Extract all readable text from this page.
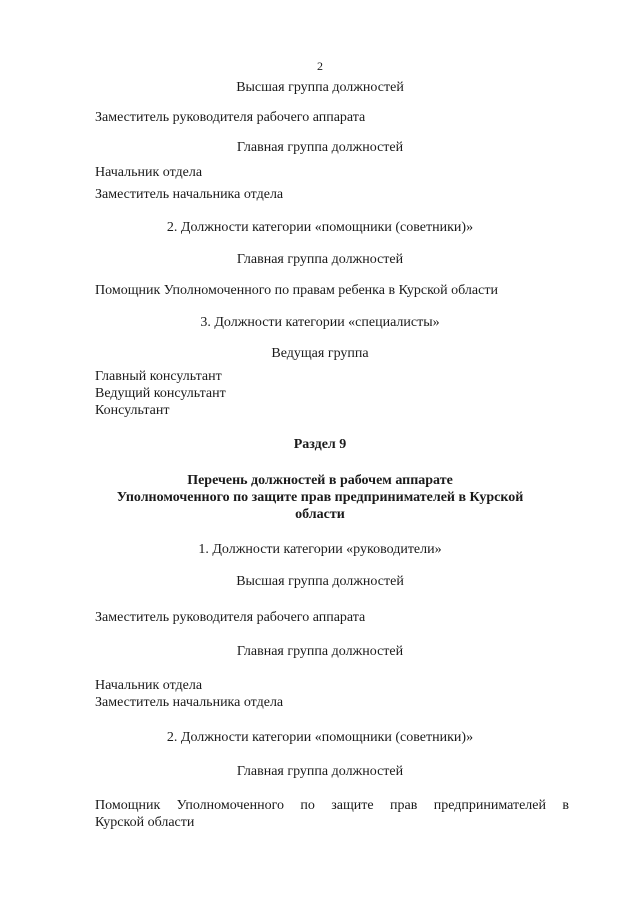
2
Высшая группа должностей
Заместитель руководителя рабочего аппарата
Главная группа должностей
Начальник отдела
Заместитель начальника отдела
2. Должности категории «помощники (советники)»
Главная группа должностей
Помощник Уполномоченного по правам ребенка в Курской области
3. Должности категории «специалисты»
Ведущая группа
Главный консультант
Ведущий консультант
Консультант
Раздел 9
Перечень должностей в рабочем аппарате
Уполномоченного по защите прав предпринимателей в Курской
области
1. Должности категории «руководители»
Высшая группа должностей
Заместитель руководителя рабочего аппарата
Главная группа должностей
Начальник отдела
Заместитель начальника отдела
2. Должности категории «помощники (советники)»
Главная группа должностей
Помощник Уполномоченного по защите прав предпринимателей в
Курской области
